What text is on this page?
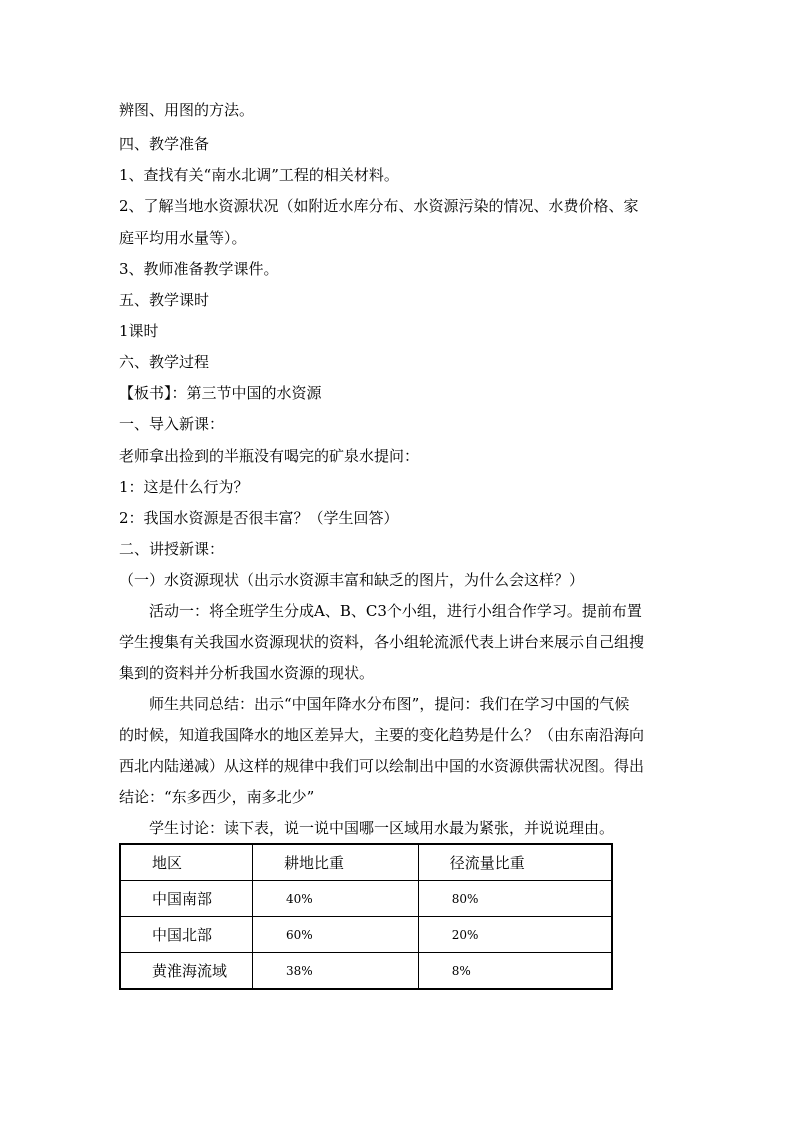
辨图、用图的方法。
四、教学准备
1、查找有关“南水北调”工程的相关材料。
2、了解当地水资源状况（如附近水库分布、水资源污染的情况、水费价格、家
庭平均用水量等）。
3、教师准备教学课件。
五、教学课时
1课时
六、教学过程
【板书】：第三节中国的水资源
一、导入新课：
老师拿出捡到的半瓶没有喝完的矿泉水提问：
1：这是什么行为？
2：我国水资源是否很丰富？（学生回答）
二、讲授新课：
（一）水资源现状（出示水资源丰富和缺乏的图片，为什么会这样？）
活动一：将全班学生分成A、B、C3个小组，进行小组合作学习。提前布置
学生搜集有关我国水资源现状的资料，各小组轮流派代表上讲台来展示自己组搜
集到的资料并分析我国水资源的现状。
师生共同总结：出示“中国年降水分布图”，提问：我们在学习中国的气候
的时候，知道我国降水的地区差异大，主要的变化趋势是什么？（由东南沿海向
西北内陆递减）从这样的规律中我们可以绘制出中国的水资源供需状况图。得出
结论：“东多西少，南多北少”
学生讨论：读下表，说一说中国哪一区域用水最为紧张，并说说理由。
地区	耕地比重	径流量比重
中国南部	40%	80%
中国北部	60%	20%
黄淮海流域	38%	8%
